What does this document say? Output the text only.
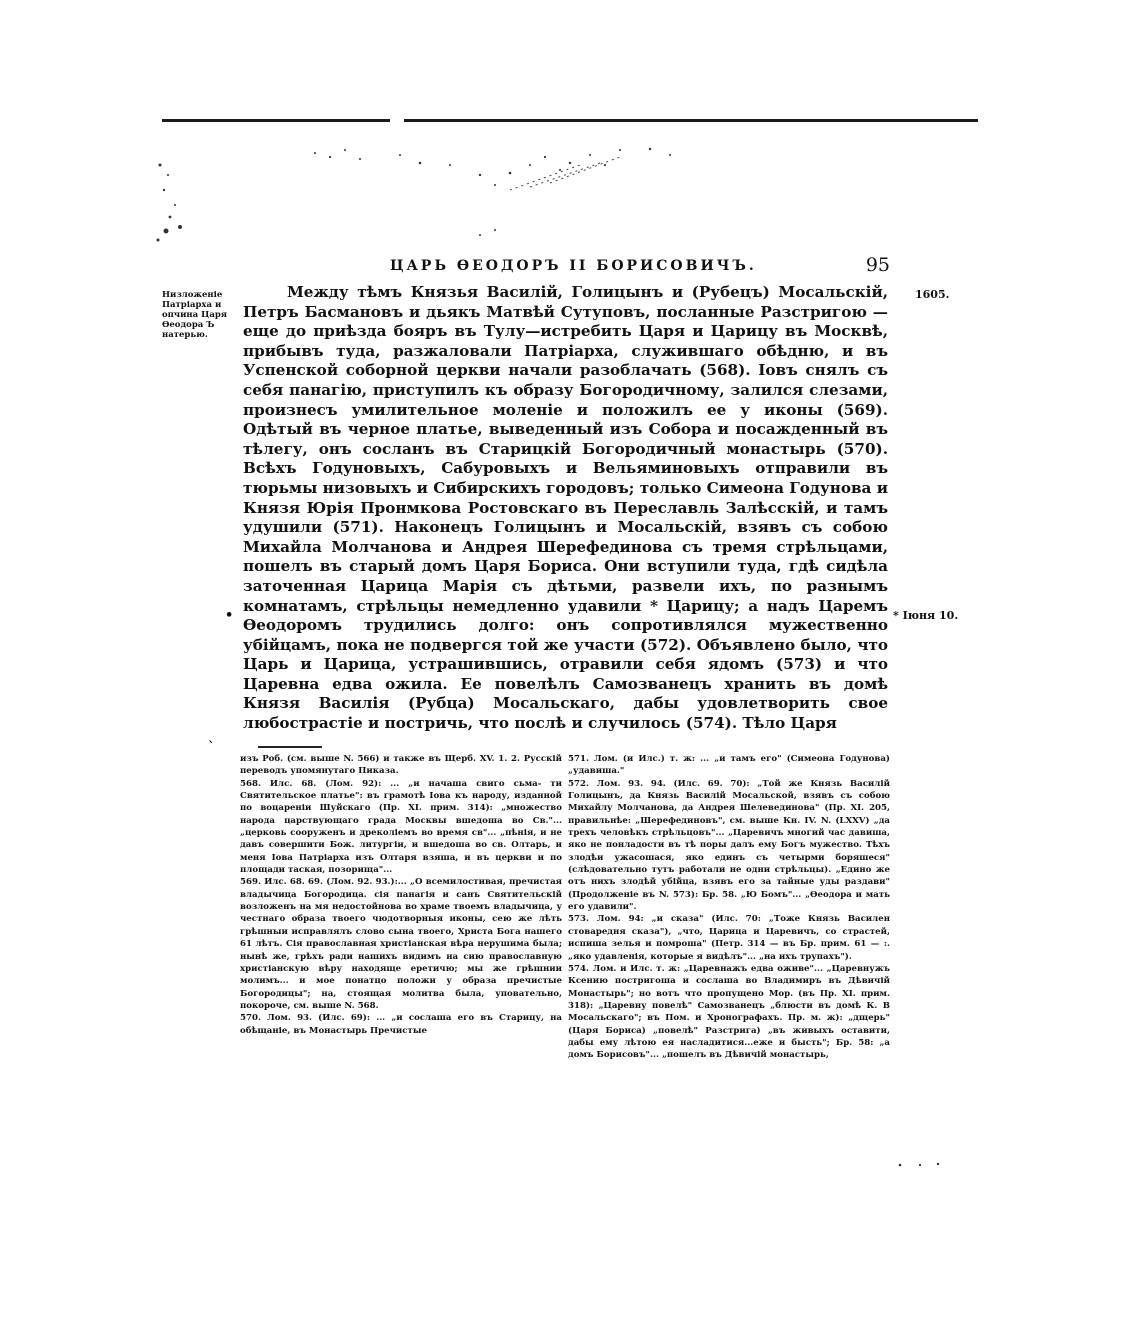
ЦАРЬ ѲЕОДОРЪ II БОРИСОВИЧЪ.	95
Низложеніе Патріарха и опчина Царя Ѳеодора Ъ натерью.
1605.
* Іюня 10.
•
`

Между тѣмъ Князья Василій, Голицынъ и (Рубецъ) Мосальскій, Петръ Басмановъ и дьякъ Матвѣй Сутуповъ, посланные Разстригою — еще до приѣзда бояръ въ Тулу—истребить Царя и Царицу въ Москвѣ, прибывъ туда, разжаловали Патріарха, служившаго обѣдню, и въ Успенской соборной церкви начали разоблачать (568). Іовъ снялъ съ себя панагію, приступилъ къ образу Богородичному, залился слезами, произнесъ умилительное моленіе и положилъ ее у иконы (569). Одѣтый въ черное платье, выведенный изъ Собора и посажденный въ тѣлегу, онъ сосланъ въ Старицкій Богородичный монастырь (570). Всѣхъ Годуновыхъ, Сабуровыхъ и Вельяминовыхъ отправили въ тюрьмы низовыхъ и Сибирскихъ городовъ; только Симеона Годунова и Князя Юрія Пронмкова Ростовскаго въ Переславль Залѣсскій, и тамъ удушили (571). Наконецъ Голицынъ и Мосальскій, взявъ съ собою Михайла Молчанова и Андрея Шерефединова съ тремя стрѣльцами, пошелъ въ старый домъ Царя Бориса. Они вступили туда, гдѣ сидѣла заточенная Царица Марія съ дѣтьми, развели ихъ, по разнымъ комнатамъ, стрѣльцы немедленно удавили * Царицу; а надъ Царемъ Ѳеодоромъ трудились долго: онъ сопротивлялся мужественно убійцамъ, пока не подвергся той же участи (572). Объявлено было, что Царь и Царица, устрашившись, отравили себя ядомъ (573) и что Царевна едва ожила. Ее повелѣлъ Самозванецъ хранить въ домѣ Князя Василія (Рубца) Мосальскаго, дабы удовлетворить свое любострастіе и постричь, что послѣ и случилось (574). Тѣло Царя

изъ Роб. (см. выше N. 566) и также въ Щерб. XV. 1. 2. Русскій переводъ упомянутаго Пиказа.

568. Илс. 68. (Лом. 92): ... „и начаша свиго сьма- ти Святительское платье": въ грамотѣ Іова къ народу, изданной по воцареніи Шуйскаго (Пр. XI. прим. 314): „множество народа царствующаго града Москвы вшедоша во Св."... „церковь сооруженъ и дреколіемъ во время св"... „пѣнія, и не давъ совершити Бож. литургіи, и вшедоша во св. Олтарь, и меня Іова Патріарха изъ Олтаря взяша, и въ церкви и по площади таская, позорища"...

569. Илс. 68. 69. (Лом. 92. 93.):... „О всемилостивая, пречистая владычица Богородица. сія панагія и санъ Святительскій возложенъ на мя недостойнова во храме твоемъ владычица, у честнаго образа твоего чюдотворныя иконы, сею же лѣть грѣшныи исправлялъ слово сына твоего, Христа Бога нашего 61 лѣтъ. Сія православная христіанская вѣра нерушима была; нынѣ же, грѣхъ ради нашихъ видимъ на сию православную христіанскую вѣру находяще еретичю; мы же грѣшнии молимъ... и мое понатцо положи у образа пречистые Богородицы"; на, стоящая молитва была, уповательно, покороче, см. выше N. 568.

570. Лом. 93. (Илс. 69): ... „и сослаша его въ Старицу, на обѣщаніе, въ Монастырь Пречистые

571. Лом. (и Илс.) т. ж: ... „и тамъ его" (Симеона Годунова) „удавиша."

572. Лом. 93. 94. (Илс. 69. 70): „Той же Князь Василій Голицынъ, да Князь Василій Мосальской, взявъ съ собою Михайлу Молчанова, да Андрея Шелевединова" (Пр. XI. 205, правильнѣе: „Шерефединовъ", см. выше Кн. IV. N. (LXXV) „да трехъ человѣкъ стрѣльцовъ"... „Царевичъ многий час давиша, яко не понладости въ тѣ поры далъ ему Богъ мужество. Тѣхъ злодѣи ужасошася, яко единъ съ четырми боряшеся" (слѣдовательно тутъ работали не одни стрѣльцы). „Едино же отъ нихъ злодѣй убійца, взявъ его за тайные уды раздави" (Продолженіе въ N. 573): Бр. 58. „Ю Бомъ"... „Ѳеодора и мать его удавили".

573. Лом. 94: „и сказа" (Илс. 70: „Тоже Князь Василен стоваредня сказа"), „что, Царица и Царевичъ, со страстей, испиша зелья и помроша" (Петр. 314 — въ Бр. прим. 61 — :. „яко удавленія, которые я видѣлъ"... „на ихъ трупахъ").

574. Лом. и Илс. т. ж: „Царевнажъ едва оживе"... „Царевнужъ Ксению постригоша и сослаша во Владимиръ въ Дѣвичій Монастырь"; но вотъ что пропущено Мор. (въ Пр. XI. прим. 318): „Царевну повелѣ" Самозванецъ „блюсти въ домѣ К. В Мосальскаго"; въ Пом. и Хронографахъ. Пр. м. ж): „дщерь" (Царя Бориса) „повелѣ" Разстрига) „въ живыхъ оставити, дабы ему лѣтою ея насладитися...еже и бысть"; Бр. 58: „а домъ Борисовъ"... „пошелъ въ Дѣвичій монастырь,
